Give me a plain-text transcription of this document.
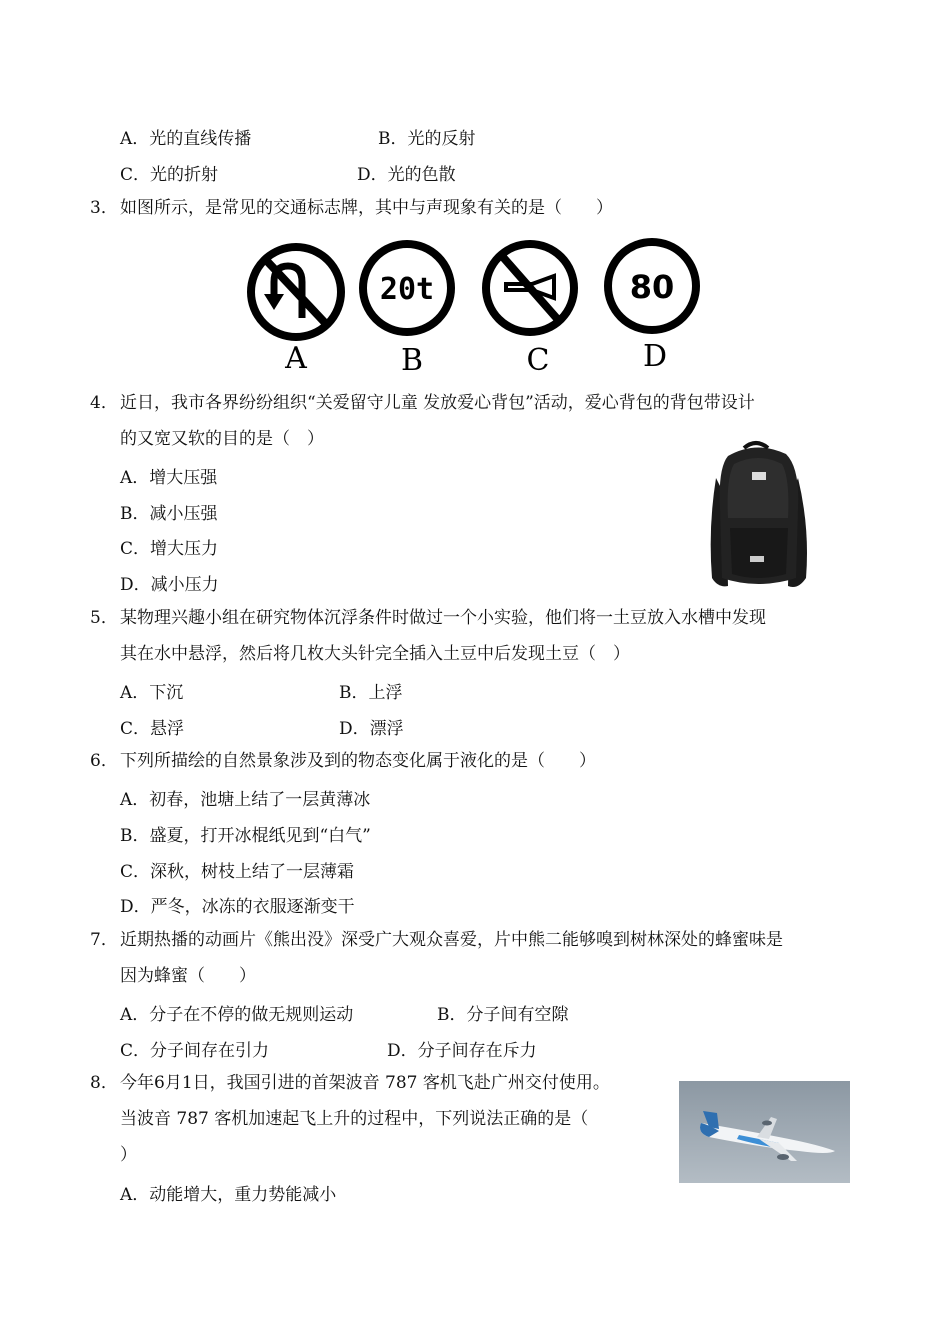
A．光的直线传播	B．光的反射
C．光的折射	D．光的色散
3． 如图所示，是常见的交通标志牌，其中与声现象有关的是（　　）
20t	80
A	B	C	D
4． 近日，我市各界纷纷组织“关爱留守儿童 发放爱心背包”活动，爱心背包的背包带设计
的又宽又软的目的是（　）
A．增大压强
B．减小压强
C．增大压力
D．减小压力
5． 某物理兴趣小组在研究物体沉浮条件时做过一个小实验，他们将一土豆放入水槽中发现
其在水中悬浮，然后将几枚大头针完全插入土豆中后发现土豆（　）
A．下沉	B．上浮
C．悬浮	D．漂浮
6． 下列所描绘的自然景象涉及到的物态变化属于液化的是（　　）
A．初春，池塘上结了一层黄薄冰
B．盛夏，打开冰棍纸见到“白气”
C．深秋，树枝上结了一层薄霜
D．严冬，冰冻的衣服逐渐变干
7． 近期热播的动画片《熊出没》深受广大观众喜爱，片中熊二能够嗅到树林深处的蜂蜜味是
因为蜂蜜（　　）
A．分子在不停的做无规则运动	B．分子间有空隙
C．分子间存在引力	D．分子间存在斥力
8． 今年6月1日，我国引进的首架波音 787 客机飞赴广州交付使用。
当波音 787 客机加速起飞上升的过程中，下列说法正确的是（
）
A．动能增大，重力势能减小
